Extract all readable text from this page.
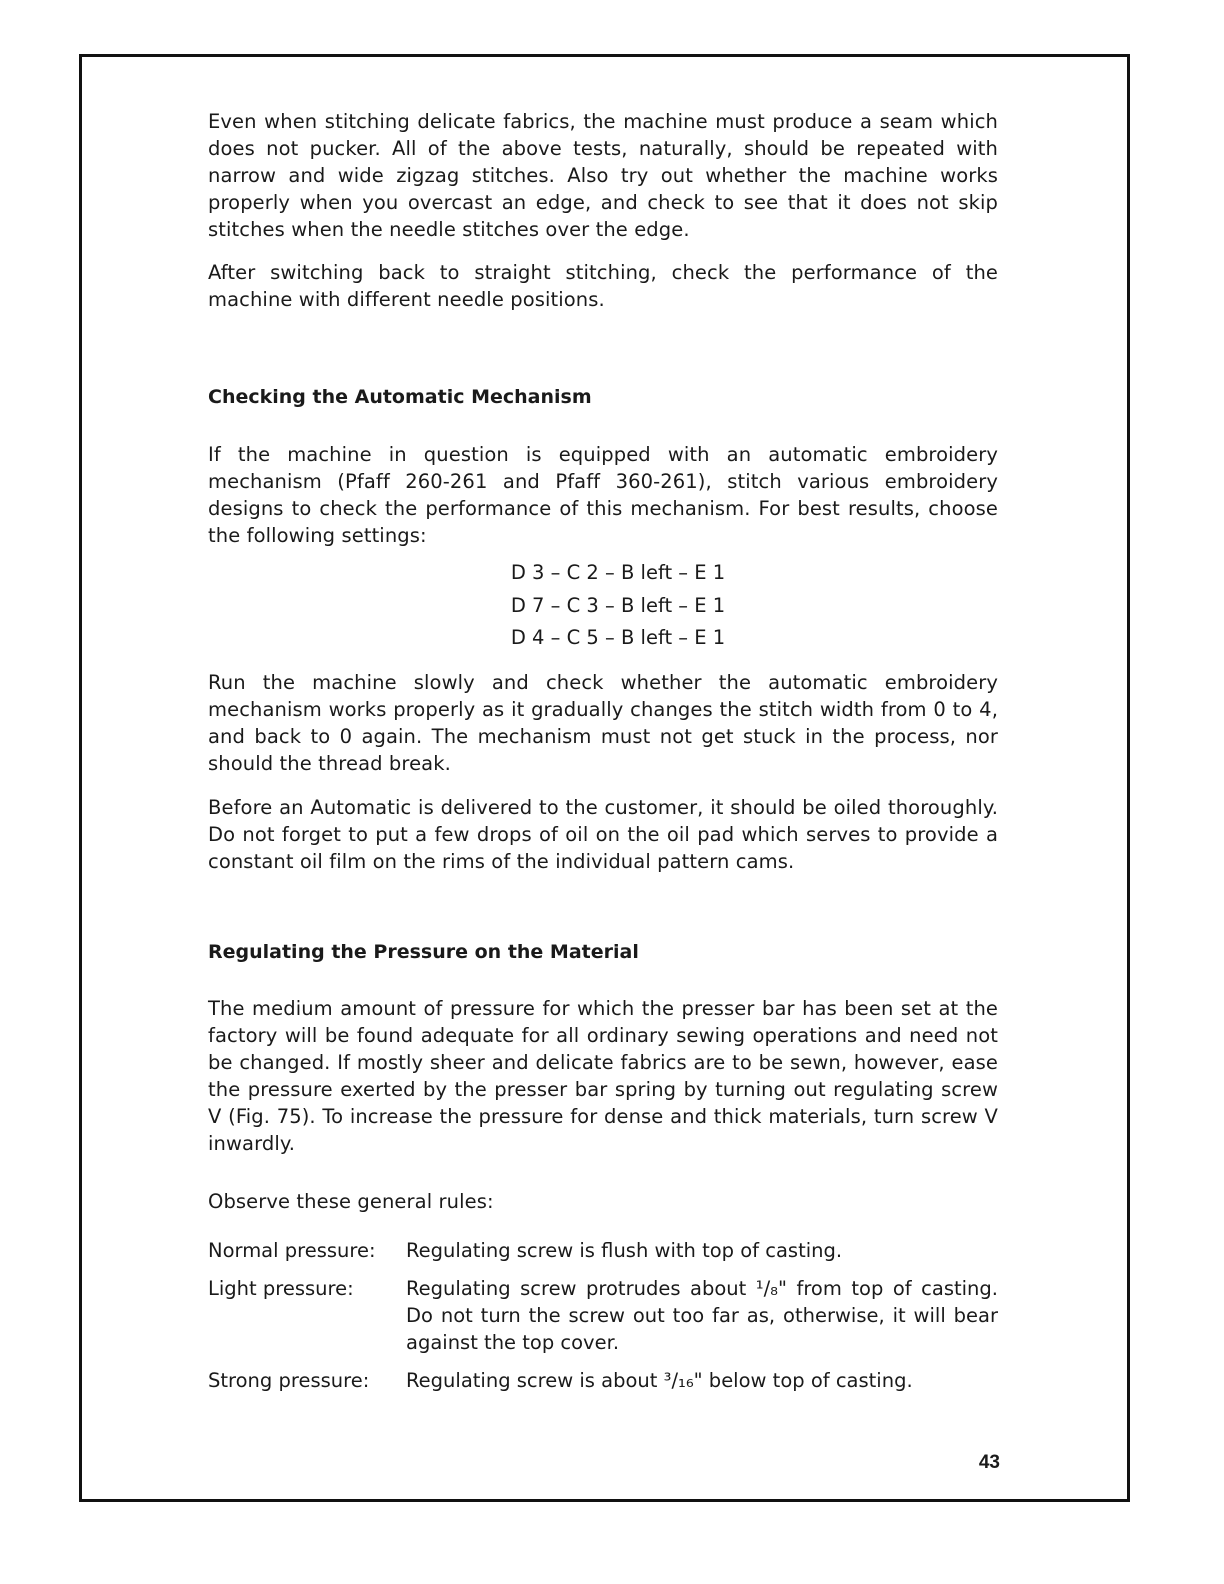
Even when stitching delicate fabrics, the machine must produce a seam which does not pucker. All of the above tests, naturally, should be repeated with narrow and wide zigzag stitches. Also try out whether the machine works properly when you overcast an edge, and check to see that it does not skip stitches when the needle stitches over the edge.

After switching back to straight stitching, check the performance of the machine with different needle positions.

Checking the Automatic Mechanism

If the machine in question is equipped with an automatic embroidery mechanism (Pfaff 260-261 and Pfaff 360-261), stitch various embroidery designs to check the performance of this mechanism. For best results, choose the following settings:

D 3 – C 2 – B left – E 1
D 7 – C 3 – B left – E 1
D 4 – C 5 – B left – E 1

Run the machine slowly and check whether the automatic embroidery mechanism works properly as it gradually changes the stitch width from 0 to 4, and back to 0 again. The mechanism must not get stuck in the process, nor should the thread break.

Before an Automatic is delivered to the customer, it should be oiled thoroughly. Do not forget to put a few drops of oil on the oil pad which serves to provide a constant oil film on the rims of the individual pattern cams.

Regulating the Pressure on the Material

The medium amount of pressure for which the presser bar has been set at the factory will be found adequate for all ordinary sewing operations and need not be changed. If mostly sheer and delicate fabrics are to be sewn, however, ease the pressure exerted by the presser bar spring by turning out regulating screw V (Fig. 75). To increase the pressure for dense and thick materials, turn screw V inwardly.

Observe these general rules:

Normal pressure:	Regulating screw is flush with top of casting.
Light pressure:	Regulating screw protrudes about ¹/₈" from top of casting. Do not turn the screw out too far as, otherwise, it will bear against the top cover.
Strong pressure:	Regulating screw is about ³/₁₆" below top of casting.
43
